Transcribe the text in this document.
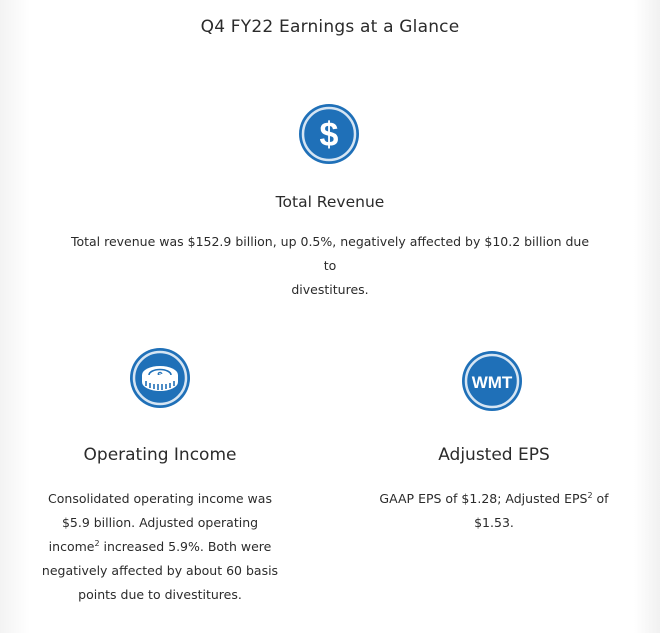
Q4 FY22 Earnings at a Glance
$
Total Revenue
Total revenue was $152.9 billion, up 0.5%, negatively affected by $10.2 billion due to
divestitures.
Operating Income
Consolidated operating income was
$5.9 billion. Adjusted operating
income$^2$ increased 5.9%. Both were
negatively affected by about 60 basis
points due to divestitures.
WMT
Adjusted EPS
GAAP EPS of $1.28; Adjusted EPS$^2$ of
$1.53.
